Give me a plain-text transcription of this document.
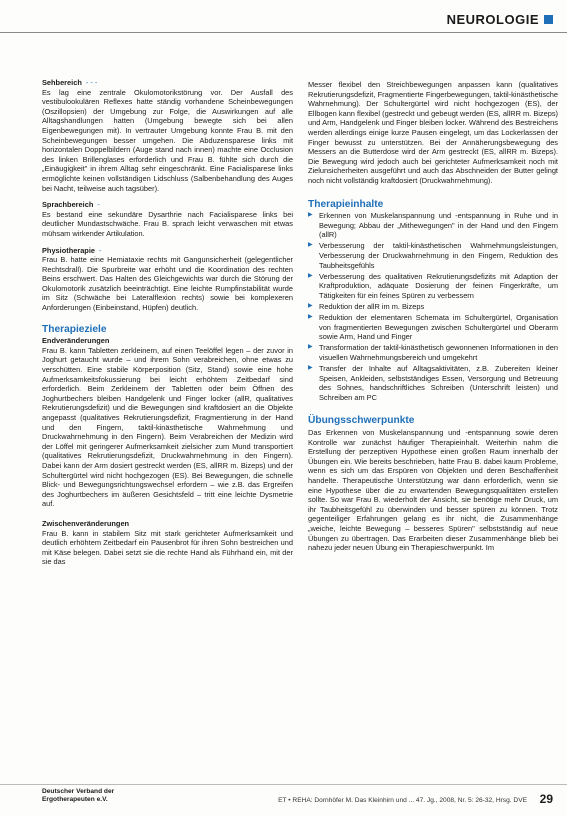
NEUROLOGIE
Sehbereich - - -

Es lag eine zentrale Okulomotorikstörung vor. Der Ausfall des vestibulookulären Reflexes hatte ständig vorhandene Scheinbewegungen (Oszillopsien) der Umgebung zur Folge, die Auswirkungen auf alle Alltagshandlungen hatten (Umgebung bewegte sich bei allen Eigenbewegungen mit). In vertrauter Umgebung konnte Frau B. mit den Scheinbewegungen besser umgehen. Die Abduzensparese links mit horizontalen Doppelbildern (Auge stand nach innen) machte eine Occlusion des linken Brillenglases erforderlich und Frau B. fühlte sich durch die „Einäugigkeit" in ihrem Alltag sehr eingeschränkt. Eine Facialisparese links ermöglichte keinen vollständigen Lidschluss (Salbenbehandlung des Auges bei Nacht, teilweise auch tagsüber).

Sprachbereich -

Es bestand eine sekundäre Dysarthrie nach Facialisparese links bei deutlicher Mundastschwäche. Frau B. sprach leicht verwaschen mit etwas mühsam wirkender Artikulation.

Physiotherapie -

Frau B. hatte eine Hemiataxie rechts mit Gangunsicherheit (gelegentlicher Rechtsdrall). Die Spurbreite war erhöht und die Koordination des rechten Beins erschwert. Das Halten des Gleichgewichts war durch die Störung der Okulomotorik zusätzlich beeinträchtigt. Eine leichte Rumpfinstabilität wurde im Sitz (Schwäche bei Lateralflexion rechts) sowie bei komplexeren Anforderungen (Einbeinstand, Hüpfen) deutlich.

Therapieziele
Endveränderungen

Frau B. kann Tabletten zerkleinern, auf einen Teelöffel legen – der zuvor in Joghurt getaucht wurde – und ihrem Sohn verabreichen, ohne etwas zu verschütten. Eine stabile Körperposition (Sitz, Stand) sowie eine hohe Aufmerksamkeitsfokussierung bei leicht erhöhtem Zeitbedarf sind erforderlich. Beim Zerkleinern der Tabletten oder beim Öffnen des Joghurtbechers bleiben Handgelenk und Finger locker (allR, qualitatives Rekrutierungsdefizit) und die Bewegungen sind kraftdosiert an die Objekte angepasst (qualitatives Rekrutierungsdefizit, Fragmentierung in der Hand und den Fingern, taktil-kinästhetische Wahrnehmung und Druckwahrnehmung in den Fingern). Beim Verabreichen der Medizin wird der Löffel mit geringerer Aufmerksamkeit zielsicher zum Mund transportiert (qualitatives Rekrutierungsdefizit, Druckwahrnehmung in den Fingern). Dabei kann der Arm dosiert gestreckt werden (ES, allRR m. Bizeps) und der Schultergürtel wird nicht hochgezogen (ES). Bei Bewegungen, die schnelle Blick- und Bewegungsrichtungswechsel erfordern – wie z.B. das Ergreifen des Joghurtbechers im äußeren Gesichtsfeld – tritt eine leichte Dysmetrie auf.

Zwischenveränderungen

Frau B. kann in stabilem Sitz mit stark gerichteter Aufmerksamkeit und deutlich erhöhtem Zeitbedarf ein Pausenbrot für ihren Sohn bestreichen und mit Käse belegen. Dabei setzt sie die rechte Hand als Führhand ein, mit der sie das

Messer flexibel den Streichbewegungen anpassen kann (qualitatives Rekrutierungsdefizit, Fragmentierte Fingerbewegungen, taktil-kinästhetische Wahrnehmung). Der Schultergürtel wird nicht hochgezogen (ES), der Ellbogen kann flexibel (gestreckt und gebeugt werden (ES, allRR m. Bizeps) und Arm, Handgelenk und Finger bleiben locker. Während des Bestreichens werden allerdings einige kurze Pausen eingelegt, um das Lockerlassen der Finger bewusst zu unterstützen. Bei der Annäherungsbewegung des Messers an die Butterdose wird der Arm gestreckt (ES, allRR m. Bizeps). Die Bewegung wird jedoch auch bei gerichteter Aufmerksamkeit noch mit Zielunsicherheiten ausgeführt und auch das Abschneiden der Butter gelingt noch nicht vollständig kraftdosiert (Druckwahrnehmung).

Therapieinhalte
▶ Erkennen von Muskelanspannung und -entspannung in Ruhe und in Bewegung; Abbau der „Mithewegungen" in der Hand und den Fingern (allR)
▶ Verbesserung der taktil-kinästhetischen Wahrnehmungsleistungen, Verbesserung der Druckwahrnehmung in den Fingern, Reduktion des Taubheitsgefühls
▶ Verbesserung des qualitativen Rekrutierungsdefizits mit Adaption der Kraftproduktion, adäquate Dosierung der feinen Fingerkräfte, um Tätigkeiten für ein feines Spüren zu verbessern
▶ Reduktion der allR im m. Bizeps
▶ Reduktion der elementaren Schemata im Schultergürtel, Organisation von fragmentierten Bewegungen zwischen Schultergürtel und Oberarm sowie Arm, Hand und Finger
▶ Transformation der taktil-kinästhetisch gewonnenen Informationen in den visuellen Wahrnehmungsbereich und umgekehrt
▶ Transfer der Inhalte auf Alltagsaktivitäten, z.B. Zubereiten kleiner Speisen, Ankleiden, selbstständiges Essen, Versorgung und Betreuung des Sohnes, handschriftliches Schreiben (Unterschrift leisten) und Schreiben am PC
Übungsschwerpunkte

Das Erkennen von Muskelanspannung und -entspannung sowie deren Kontrolle war zunächst häufiger Therapieinhalt. Weiterhin nahm die Erstellung der perzeptiven Hypothese einen großen Raum innerhalb der Übungen ein. Wie bereits beschrieben, hatte Frau B. dabei kaum Probleme, wenn es sich um das Erspüren von Objekten und deren Beschaffenheit handelte. Therapeutische Unterstützung war dann erforderlich, wenn sie eine Hypothese über die zu erwartenden Bewegungsqualitäten erstellen sollte. So war Frau B. wiederholt der Ansicht, sie benötige mehr Druck, um ihr Taubheitsgefühl zu überwinden und besser spüren zu können. Trotz gegenteiliger Erfahrungen gelang es ihr nicht, die Zusammenhänge „weiche, leichte Bewegung – besseres Spüren" selbstständig auf neue Übungen zu übertragen. Das Erarbeiten dieser Zusammenhänge blieb bei nahezu jeder neuen Übung ein Therapieschwerpunkt. Im

Deutscher Verband der
Ergotherapeuten e.V.	ET • REHA: Dornhöfer M. Das Kleinhirn und ... 47. Jg., 2008, Nr. 5: 26-32, Hrsg. DVE 29
